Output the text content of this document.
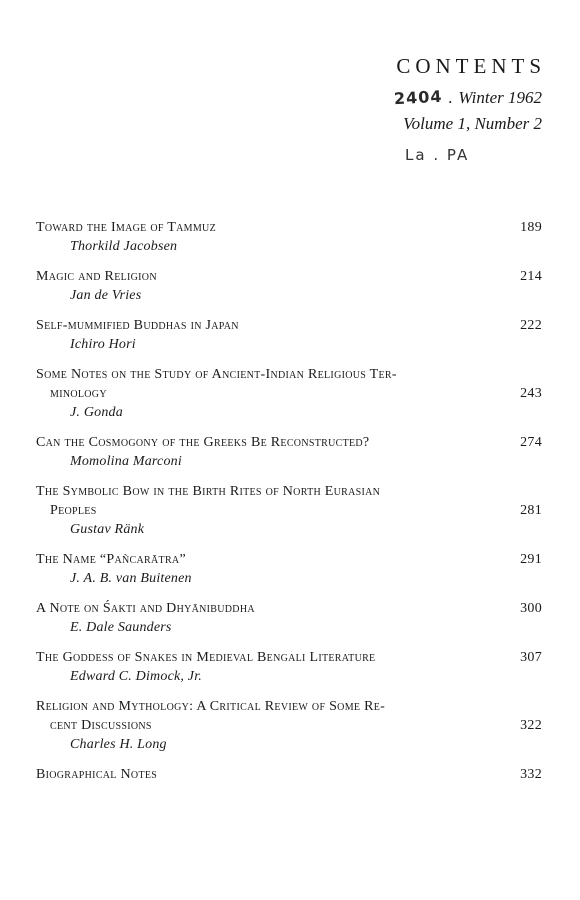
CONTENTS
2404 . Winter 1962
Volume 1, Number 2
La . PA
Toward the Image of Tammuz	189
Thorkild Jacobsen
Magic and Religion	214
Jan de Vries
Self-mummified Buddhas in Japan	222
Ichiro Hori
Some Notes on the Study of Ancient-Indian Religious Ter-
minology	243
J. Gonda
Can the Cosmogony of the Greeks Be Reconstructed?	274
Momolina Marconi
The Symbolic Bow in the Birth Rites of North Eurasian
Peoples	281
Gustav Ränk
The Name “Pañcarātra”	291
J. A. B. van Buitenen
A Note on Śakti and Dhyānibuddha	300
E. Dale Saunders
The Goddess of Snakes in Medieval Bengali Literature	307
Edward C. Dimock, Jr.
Religion and Mythology: A Critical Review of Some Re-
cent Discussions	322
Charles H. Long
Biographical Notes	332
